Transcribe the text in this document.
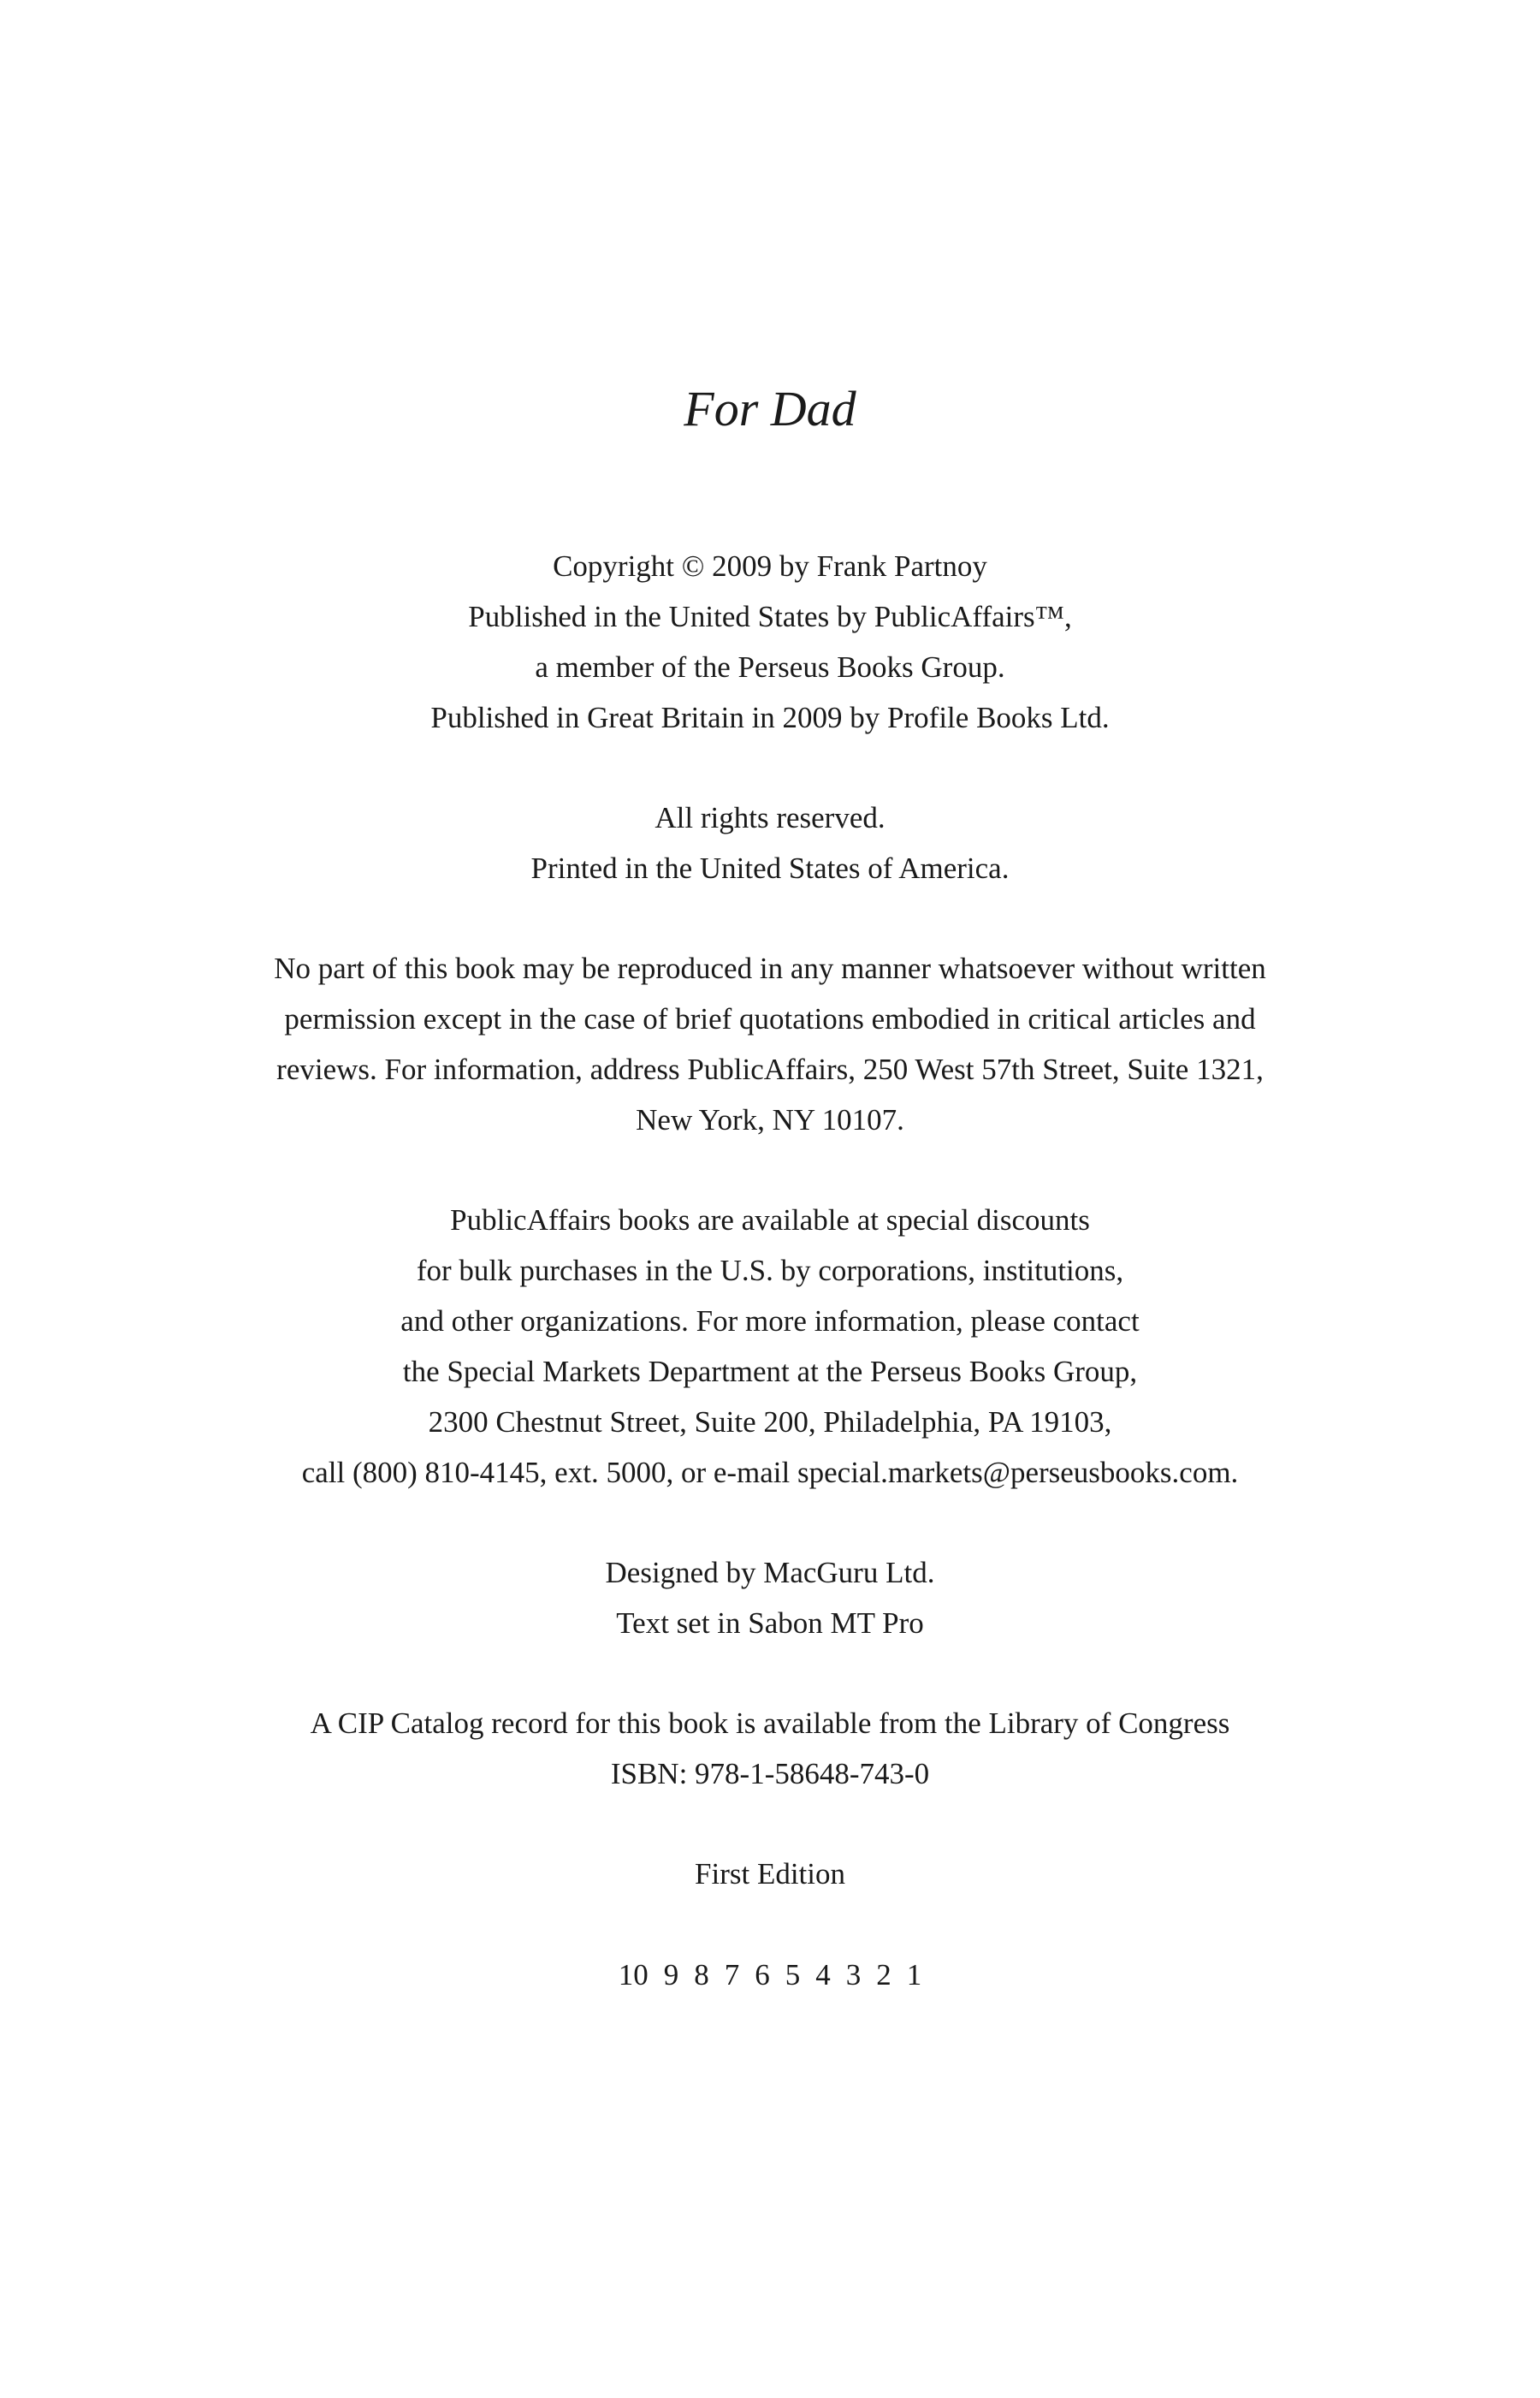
For Dad
Copyright © 2009 by Frank Partnoy
Published in the United States by PublicAffairs™,
a member of the Perseus Books Group.
Published in Great Britain in 2009 by Profile Books Ltd.
All rights reserved.
Printed in the United States of America.
No part of this book may be reproduced in any manner whatsoever without written
permission except in the case of brief quotations embodied in critical articles and
reviews. For information, address PublicAffairs, 250 West 57th Street, Suite 1321,
New York, NY 10107.
PublicAffairs books are available at special discounts
for bulk purchases in the U.S. by corporations, institutions,
and other organizations. For more information, please contact
the Special Markets Department at the Perseus Books Group,
2300 Chestnut Street, Suite 200, Philadelphia, PA 19103,
call (800) 810-4145, ext. 5000, or e-mail special.markets@perseusbooks.com.
Designed by MacGuru Ltd.
Text set in Sabon MT Pro
A CIP Catalog record for this book is available from the Library of Congress
ISBN: 978-1-58648-743-0
First Edition
10 9 8 7 6 5 4 3 2 1
